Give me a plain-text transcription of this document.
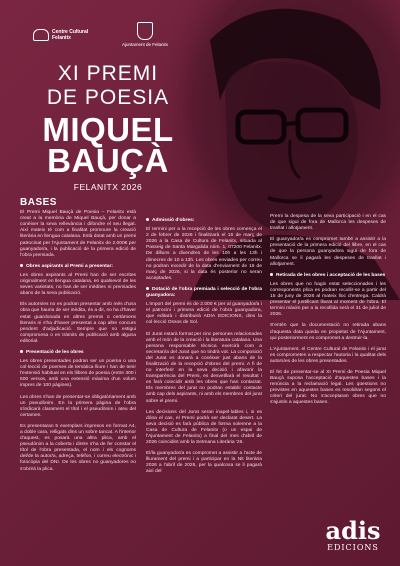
Centre Cultural
Felanitx
Ajuntament de Felanitx
XI PREMI
DE POESIA
MIQUEL
BAUÇÀ
FELANITX 2026

BASES

El Premi Miquel Bauçà de Poesia – Felanitx està creat a la memòria de Miquel Bauçà, per donar a conèixer la seva rellevància i difondre el seu llegat. Així mateix té com a finalitat promoure la creació literària en llengua catalana. Està dotat amb un premi patrocinat per l'Ajuntament de Felanitx de 2.000€ per guanyador/a, i la publicació de la primera edició de l'obra premiada.

Obres aspirants al Premi a presentar:

Les obres aspirants al Premi han de ser escrites originalment en llengua catalana, en qualsevol de les seves varietats, no han de ser inèdites ni premiades abans de la seva publicació.

Els autors/es no es podran presentar amb més d'una obra que hauria de ser inèdita, és a dir, no ha d'haver estat guardonada en altres premis o certàmens literaris ni s'ha d'haver presentat a cap altre concurs pendent d'adjudicació. Sempre que no estigui compromesa o en tràmits de publicació amb alguna editorial.

Presentació de les obres

Les obres presentades podran ser un poema o una col·lecció de poemes de temàtica lliure i han de tenir l'extensió habitual en els llibres de poesia (entre 300 i 500 versos, amb una extensió màxima d'un volum impres de 100 pàgines).

Les obres s'han de presentar-se obligatòriament amb un pseudònim. En la primera pàgina de l'obra s'indicarà clarament el títol i el pseudònim i ateu del certamen.

Es presentaran 5 exemplars impresos en format A4, a doble cara, relligats dins un sobre tancat. A l'interior d'aquest, es posarà una altra plica, amb el pseudònim a la coberta i dintre s'ha de fer constar el títol de l'obra presentada, el nom i els cognoms del/de la autor/a, adreça, telèfon, i correu electrònic i fotocòpia del DNI. De les obres no guanyadores no s'obrirà la plica.

Admissió d'obres:

El termini per a la recepció de les obres comença el 2 de febrer de 2026 i finalitzarà el 16 de març de 2026 a la Casa de Cultura de Felanitx, situada al Passeig de Santa Margalida núm. 1, 07200 Felanitx. De dilluns a divendres de les 10h a les 13h i dimecres de 10 a 13h. Les obres enviades per correu no podran excedir de la data d'enviament de 16 de març de 2026, si la data és posterior no seran acceptades.

Dotació de l'obra premiada i selecció de l'obra guanyadora:

L'import del premi és de 2.000 € per al guanyador/a i el patrocini i primera edició de l'obra guanyadora, que editarà i distribuirà ADIA EDICIONS, dins la col·lecció Ossos de Sol.

El Jurat estarà format per cinc persones relacionades amb el món de la creació i la literatura catalana. Una persona responsable tècnica exercirà com a secretari/a del Jurat que no tindrà vot. La composició del Jurat es donarà a conèixer just abans de la finalització de la recepció d'obres del premi. A fi de no interferir en la seva decisió i afavorir la transparència del Premi, es desvetllarà el resultat i es farà coincidir amb les obres que han contactat. Els membres del jurat no podran establir contacte amb cap dels aspirants, ni amb els membres del jurat sobre el premi.

Les decisions del Jurat seran inapel·lables i, si es dóna el cas, el Premi podrà ser declarat desert. La seva decisió es farà pública de forma solemne a la Casa de Cultura de Felanitx (o un espai de l'Ajuntament de Felanitx) a final del mes d'abril de 2026 coincidint amb la Setmana Literària '26.

El/la guanyador/a es compromet a assistir a l'acte de lliurament del premi i a participar en la Nit literària 2026 a l'abril de 2026, per la qualcosa se li pagarà així del

Premi la despesa de la seva participació i en el cas de que sigui de fora de Mallorca les despeses de trasllat i allotjament.

El guanyador/a es compromet també a assistir a la presentació de la primera edició del llibre, en el cas de que la persona guanyadora sigui de fora de Mallorca se li pagarà les despeses de trasllat i allotjament.

Retirada de les obres i acceptació de les bases

Les obres que no hagin estat seleccionades i les corresponents plica es podran recollir-se a partir del 15 de juny de 2026 al mateix lloc d'entrega. Caldrà presentar el justificant lliurat al moment de l'obra. El termini màxim per a la recollida serà el 31 de juliol de 2026.

S'entén que la documentació no retirada abans d'aquesta data queda en propietat de l'Ajuntament, qui posteriorment es compromet a destruir-la.

L'Ajuntament, el Centre Cultural de Felanitx i el jurat es comprometen a respectar l'autoria i la qualitat dels autors/es de les obres presentades.

El fet de presentar-se al XI Premi de Poesia Miquel Bauçà suposa l'acceptació d'aquestes bases i la renúncia a la reclamació legal. Les qüestions no previstes en aquestes bases es resoldran segons el criteri del jurat. No s'acceptaran obres que no s'ajustin a aquestes bases.

adis
EDICIONS
